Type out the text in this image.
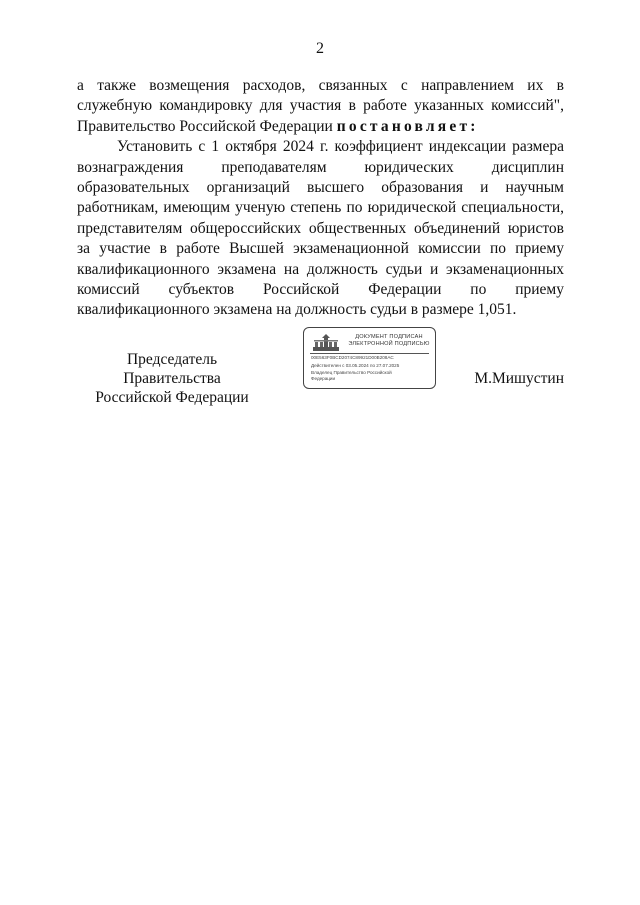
2

а также возмещения расходов, связанных с направлением их в служебную командировку для участия в работе указанных комиссий", Правительство Российской Федерации постановляет:

Установить с 1 октября 2024 г. коэффициент индексации размера вознаграждения преподавателям юридических дисциплин образовательных организаций высшего образования и научным работникам, имеющим ученую степень по юридической специальности, представителям общероссийских общественных объединений юристов за участие в работе Высшей экзаменационной комиссии по приему квалификационного экзамена на должность судьи и экзаменационных комиссий субъектов Российской Федерации по приему квалификационного экзамена на должность судьи в размере 1,051.

Председатель Правительства
Российской Федерации
ДОКУМЕНТ ПОДПИСАН
ЭЛЕКТРОННОЙ ПОДПИСЬЮ
00E563F0BCD2074C89921D00B208AC
Действителен с 03.05.2024 по 27.07.2025
Владелец Правительство Российской
Федерации	М.Мишустин
